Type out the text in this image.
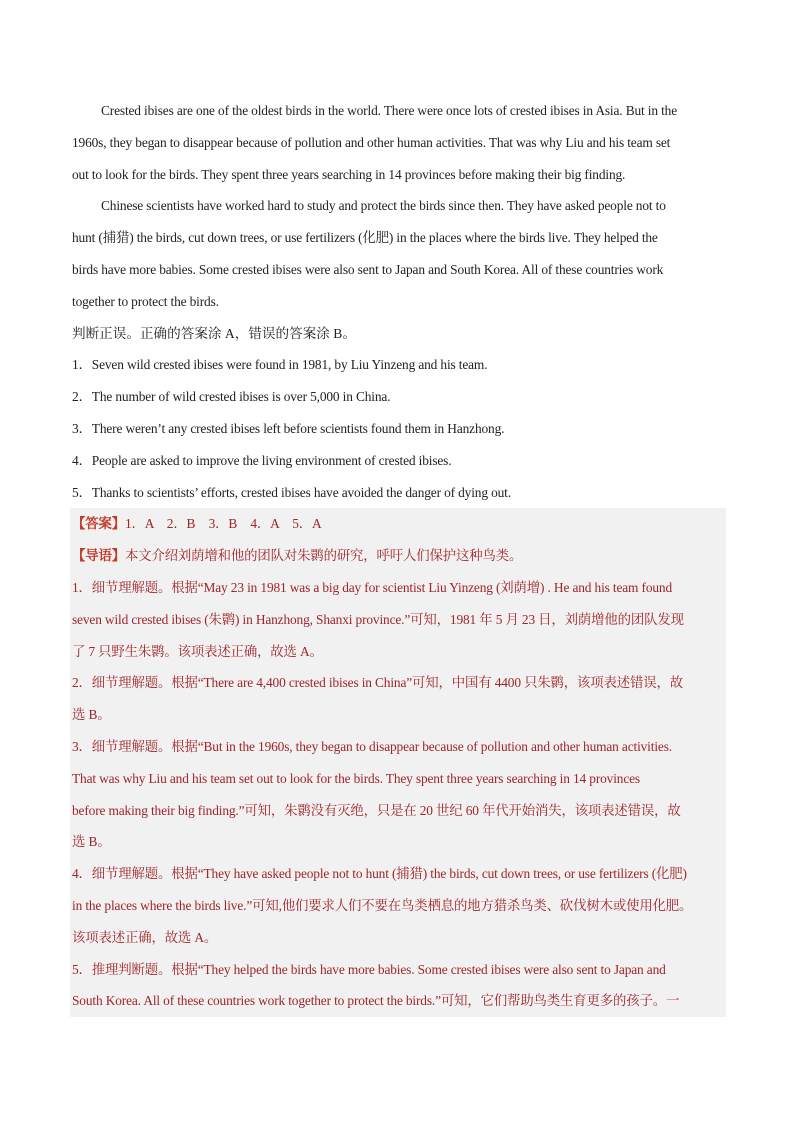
Crested ibises are one of the oldest birds in the world. There were once lots of crested ibises in Asia. But in the
1960s, they began to disappear because of pollution and other human activities. That was why Liu and his team set
out to look for the birds. They spent three years searching in 14 provinces before making their big finding.
Chinese scientists have worked hard to study and protect the birds since then. They have asked people not to
hunt (捕猎) the birds, cut down trees, or use fertilizers (化肥) in the places where the birds live. They helped the
birds have more babies. Some crested ibises were also sent to Japan and South Korea. All of these countries work
together to protect the birds.
判断正误。正确的答案涂 A，错误的答案涂 B。
1．Seven wild crested ibises were found in 1981, by Liu Yinzeng and his team.
2．The number of wild crested ibises is over 5,000 in China.
3．There weren’t any crested ibises left before scientists found them in Hanzhong.
4．People are asked to improve the living environment of crested ibises.
5．Thanks to scientists’ efforts, crested ibises have avoided the danger of dying out.
【答案】1．A　2．B　3．B　4．A　5．A
【导语】本文介绍刘荫增和他的团队对朱鹮的研究，呼吁人们保护这种鸟类。
1．细节理解题。根据“May 23 in 1981 was a big day for scientist Liu Yinzeng (刘荫增) . He and his team found
seven wild crested ibises (朱鹮) in Hanzhong, Shanxi province.”可知，1981 年 5 月 23 日，刘荫增他的团队发现
了 7 只野生朱鹮。该项表述正确，故选 A。
2．细节理解题。根据“There are 4,400 crested ibises in China”可知，中国有 4400 只朱鹮，该项表述错误，故
选 B。
3．细节理解题。根据“But in the 1960s, they began to disappear because of pollution and other human activities.
That was why Liu and his team set out to look for the birds. They spent three years searching in 14 provinces
before making their big finding.”可知，朱鹮没有灭绝，只是在 20 世纪 60 年代开始消失，该项表述错误，故
选 B。
4．细节理解题。根据“They have asked people not to hunt (捕猎) the birds, cut down trees, or use fertilizers (化肥)
in the places where the birds live.”可知,他们要求人们不要在鸟类栖息的地方猎杀鸟类、砍伐树木或使用化肥。
该项表述正确，故选 A。
5．推理判断题。根据“They helped the birds have more babies. Some crested ibises were also sent to Japan and
South Korea. All of these countries work together to protect the birds.”可知，它们帮助鸟类生育更多的孩子。一
